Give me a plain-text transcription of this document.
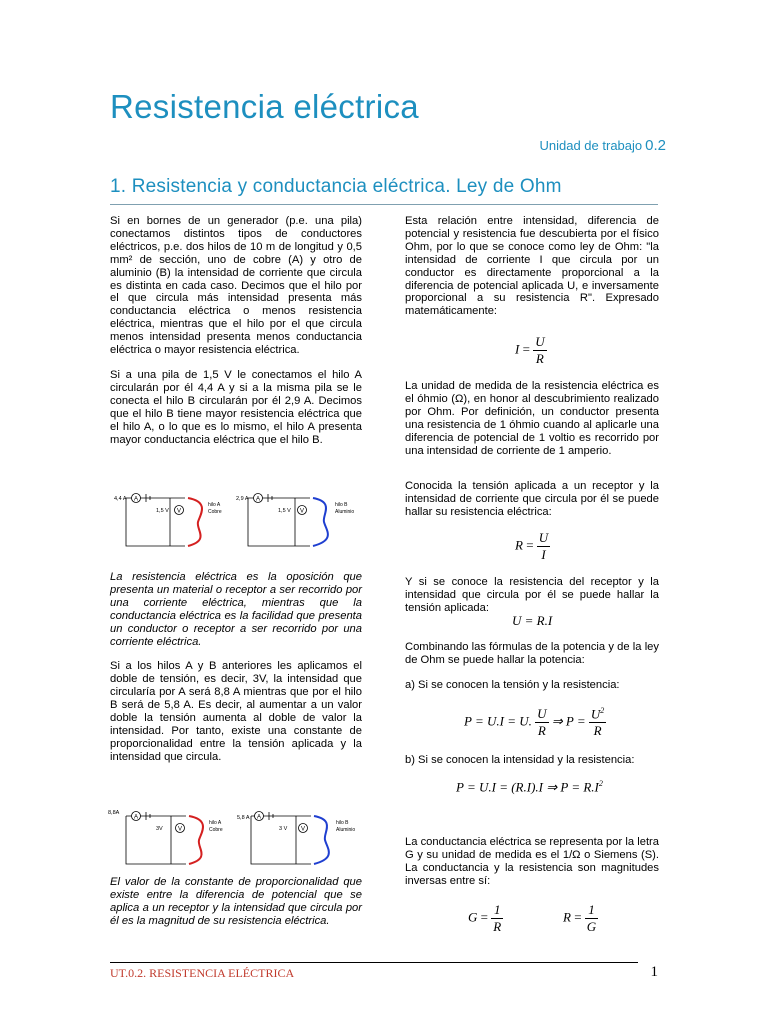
Resistencia eléctrica
Unidad de trabajo 0.2
1. Resistencia y conductancia eléctrica. Ley de Ohm

Si en bornes de un generador (p.e. una pila) conectamos distintos tipos de conductores eléctricos, p.e. dos hilos de 10 m de longitud y 0,5 mm² de sección, uno de cobre (A) y otro de aluminio (B) la intensidad de corriente que circula es distinta en cada caso. Decimos que el hilo por el que circula más intensidad presenta más conductancia eléctrica o menos resistencia eléctrica, mientras que el hilo por el que circula menos intensidad presenta menos conductancia eléctrica o mayor resistencia eléctrica.

Si a una pila de 1,5 V le conectamos el hilo A circularán por él 4,4 A y si a la misma pila se le conecta el hilo B circularán por él 2,9 A. Decimos que el hilo B tiene mayor resistencia eléctrica que el hilo A, o lo que es lo mismo, el hilo A presenta mayor conductancia eléctrica que el hilo B.

A
V
4,4 A
1,5 V
hilo A
Cobre
A
V
2,9 A
1,5 V
hilo B
Aluminio

La resistencia eléctrica es la oposición que presenta un material o receptor a ser recorrido por una corriente eléctrica, mientras que la conductancia eléctrica es la facilidad que presenta un conductor o receptor a ser recorrido por una corriente eléctrica.

Si a los hilos A y B anteriores les aplicamos el doble de tensión, es decir, 3V, la intensidad que circularía por A será 8,8 A mientras que por el hilo B será de 5,8 A. Es decir, al aumentar a un valor doble la tensión aumenta al doble de valor la intensidad. Por tanto, existe una constante de proporcionalidad entre la tensión aplicada y la intensidad que circula.

A
V
8,8A
3V
hilo A
Cobre
A
V
5,8 A
3 V
hilo B
Aluminio

El valor de la constante de proporcionalidad que existe entre la diferencia de potencial que se aplica a un receptor y la intensidad que circula por él es la magnitud de su resistencia eléctrica.

Esta relación entre intensidad, diferencia de potencial y resistencia fue descubierta por el físico Ohm, por lo que se conoce como ley de Ohm: "la intensidad de corriente I que circula por un conductor es directamente proporcional a la diferencia de potencial aplicada U, e inversamente proporcional a su resistencia R". Expresado matemáticamente:
$I = \frac{U}{R}$
La unidad de medida de la resistencia eléctrica es el óhmio (Ω), en honor al descubrimiento realizado por Ohm. Por definición, un conductor presenta una resistencia de 1 óhmio cuando al aplicarle una diferencia de potencial de 1 voltio es recorrido por una intensidad de corriente de 1 amperio.
Conocida la tensión aplicada a un receptor y la intensidad de corriente que circula por él se puede hallar su resistencia eléctrica:
$R = \frac{U}{I}$
Y si se conoce la resistencia del receptor y la intensidad que circula por él se puede hallar la tensión aplicada:
U = R.I
Combinando las fórmulas de la potencia y de la ley de Ohm se puede hallar la potencia:
a) Si se conocen la tensión y la resistencia:
P = U.I = U. $\frac{U}{R}$ ⇒ $P = \frac{U^2}{R}$
b) Si se conocen la intensidad y la resistencia:
P = U.I = (R.I).I ⇒ $P = R.I^2$
La conductancia eléctrica se representa por la letra G y su unidad de medida es el 1/Ω o Siemens (S). La conductancia y la resistencia son magnitudes inversas entre sí:
$G = \frac{1}{R}$	$R = \frac{1}{G}$
UT.0.2. RESISTENCIA ELÉCTRICA	1
